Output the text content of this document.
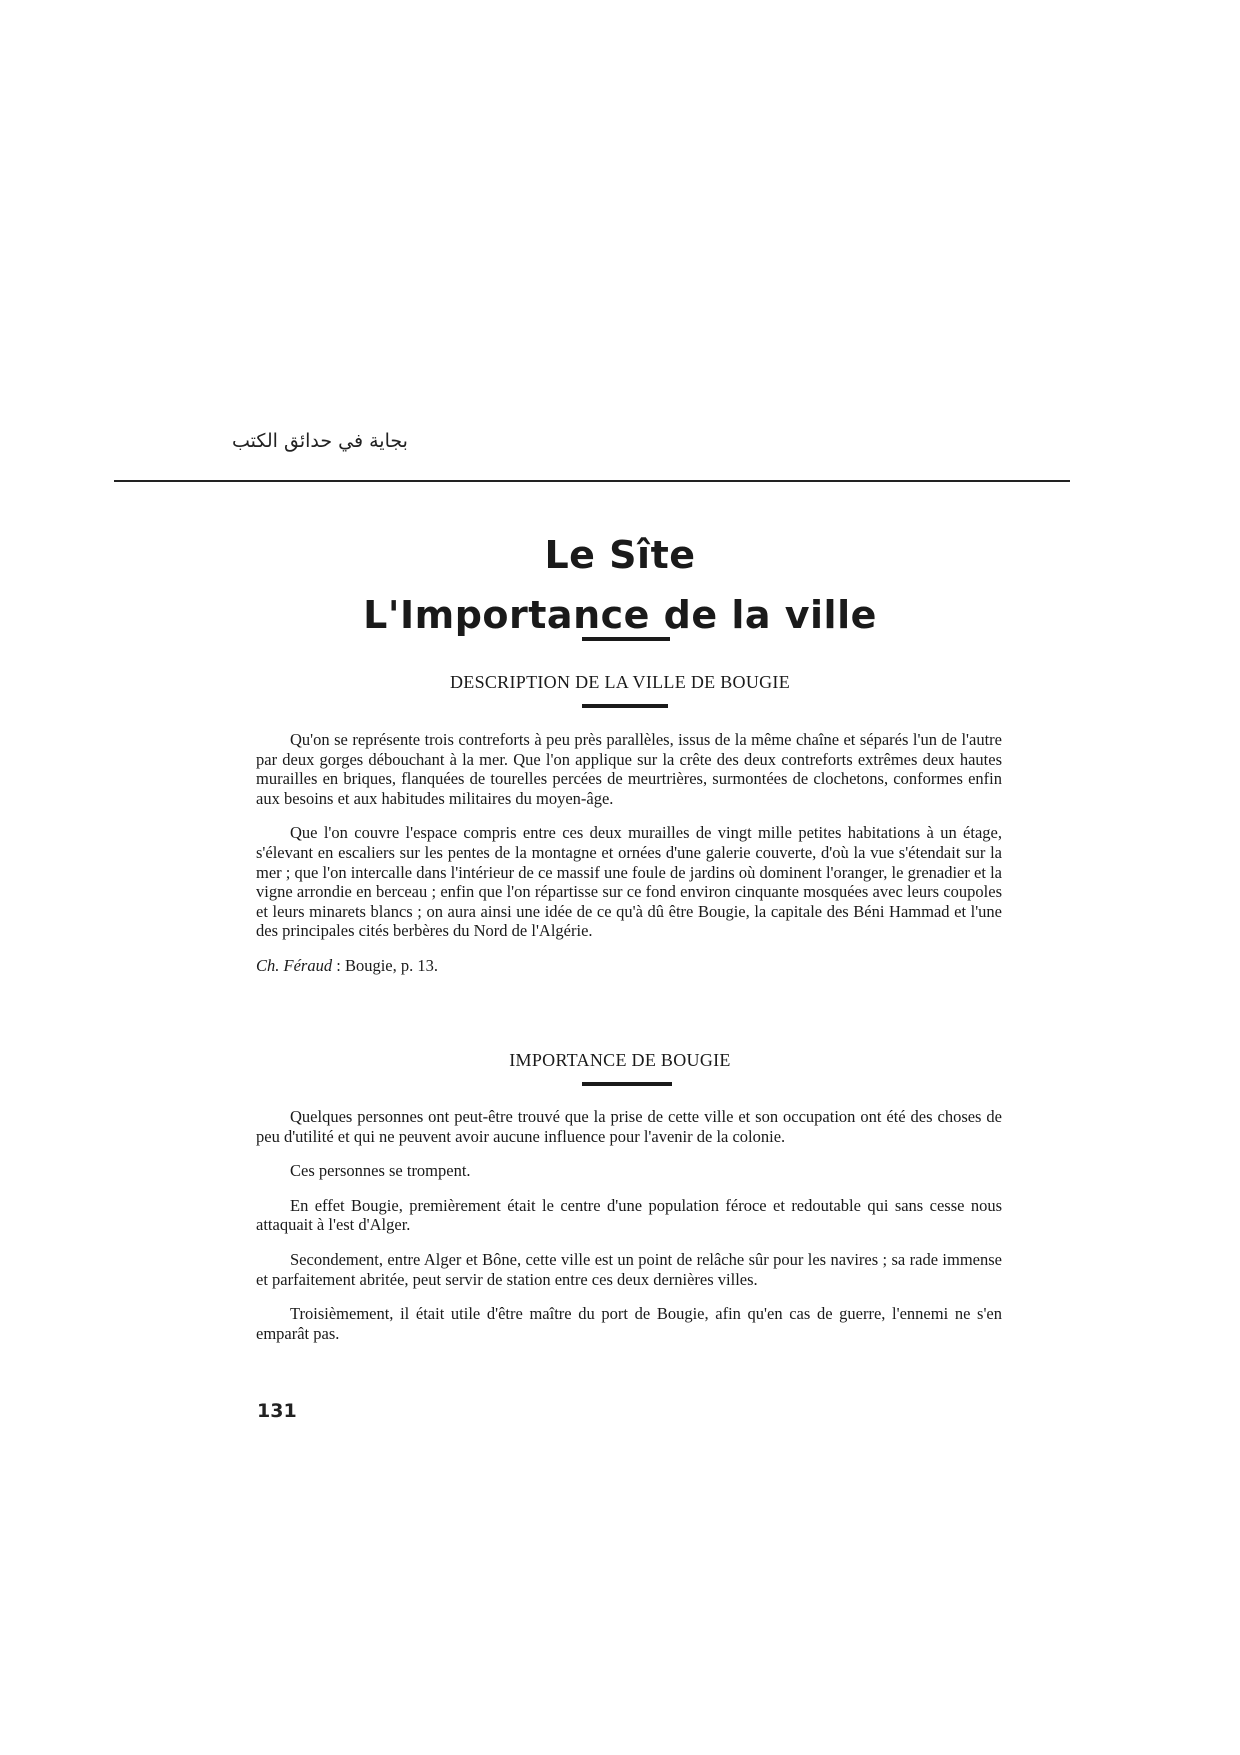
بجاية في حدائق الكتب
Le Sîte
L'Importance de la ville
DESCRIPTION DE LA VILLE DE BOUGIE

Qu'on se représente trois contreforts à peu près parallèles, issus de la même chaîne et séparés l'un de l'autre par deux gorges débouchant à la mer. Que l'on applique sur la crête des deux contreforts extrêmes deux hautes murailles en briques, flanquées de tourelles percées de meurtrières, surmontées de clochetons, conformes enfin aux besoins et aux habitudes militaires du moyen-âge.

Que l'on couvre l'espace compris entre ces deux murailles de vingt mille petites habitations à un étage, s'élevant en escaliers sur les pentes de la montagne et ornées d'une galerie couverte, d'où la vue s'étendait sur la mer ; que l'on intercalle dans l'intérieur de ce massif une foule de jardins où dominent l'oranger, le grenadier et la vigne arrondie en berceau ; enfin que l'on répartisse sur ce fond environ cinquante mosquées avec leurs coupoles et leurs minarets blancs ; on aura ainsi une idée de ce qu'à dû être Bougie, la capitale des Béni Hammad et l'une des principales cités berbères du Nord de l'Algérie.

Ch. Féraud : Bougie, p. 13.

IMPORTANCE DE BOUGIE

Quelques personnes ont peut-être trouvé que la prise de cette ville et son occupation ont été des choses de peu d'utilité et qui ne peuvent avoir aucune influence pour l'avenir de la colonie.

Ces personnes se trompent.

En effet Bougie, premièrement était le centre d'une population féroce et redoutable qui sans cesse nous attaquait à l'est d'Alger.

Secondement, entre Alger et Bône, cette ville est un point de relâche sûr pour les navires ; sa rade immense et parfaitement abritée, peut servir de station entre ces deux dernières villes.

Troisièmement, il était utile d'être maître du port de Bougie, afin qu'en cas de guerre, l'ennemi ne s'en emparât pas.

131
